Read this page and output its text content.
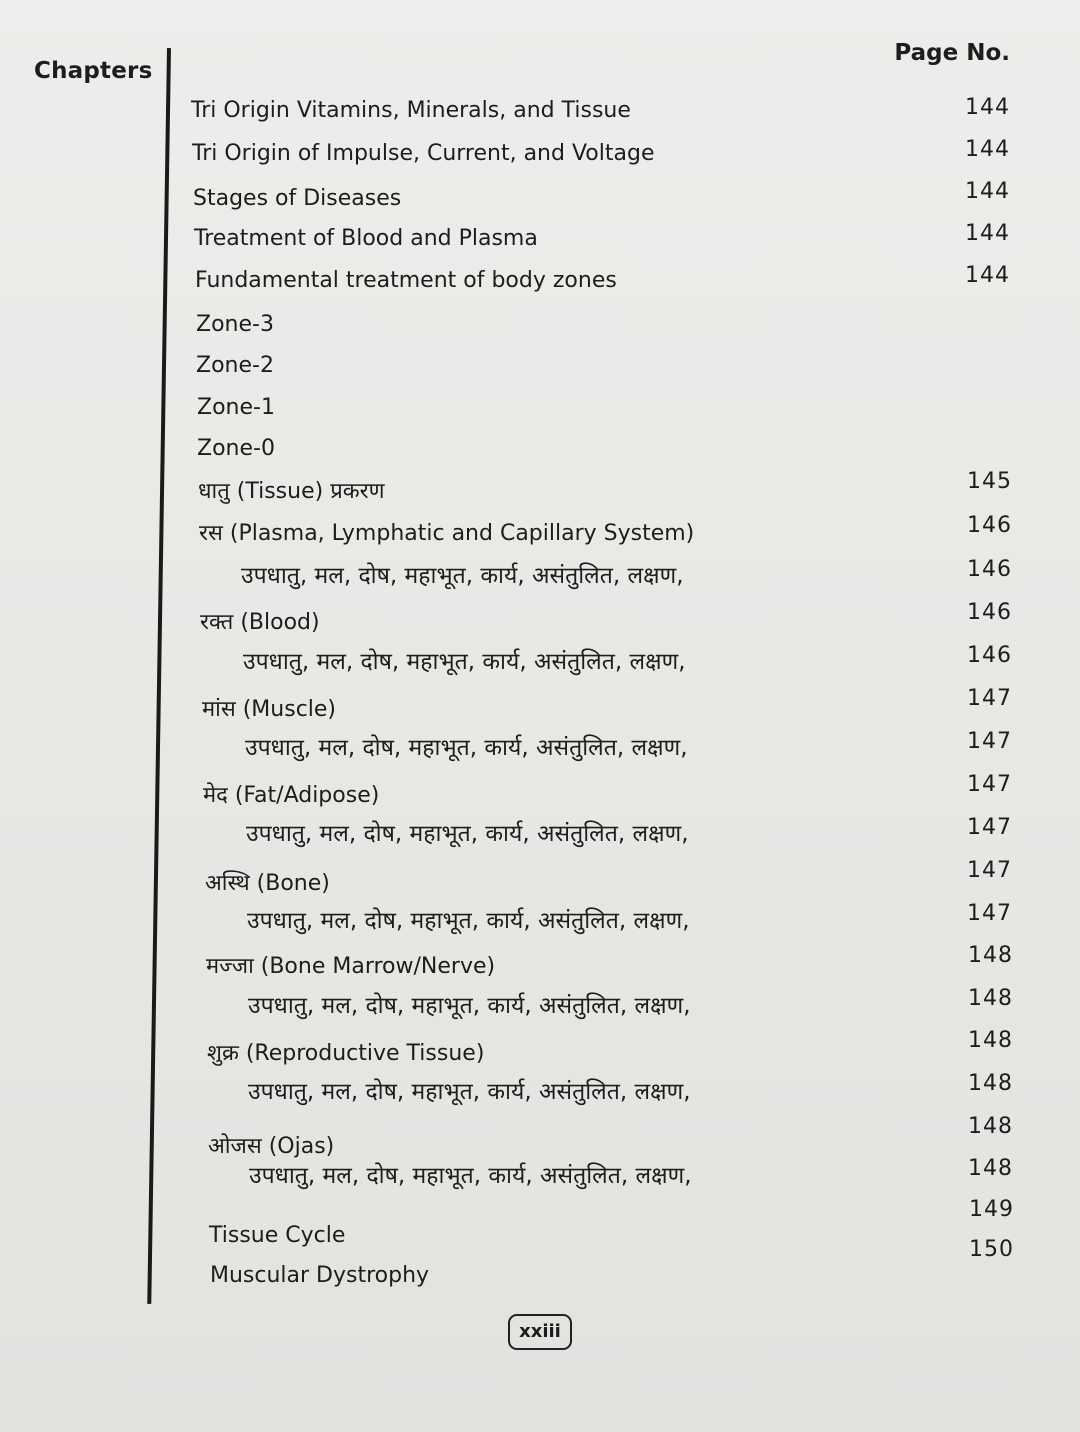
Chapters
Page No.
Tri Origin Vitamins, Minerals, and Tissue
Tri Origin of Impulse, Current, and Voltage
Stages of Diseases
Treatment of Blood and Plasma
Fundamental treatment of body zones
Zone-3
Zone-2
Zone-1
Zone-0
धातु (Tissue) प्रकरण
रस (Plasma, Lymphatic and Capillary System)
उपधातु, मल, दोष, महाभूत, कार्य, असंतुलित, लक्षण,
रक्त (Blood)
उपधातु, मल, दोष, महाभूत, कार्य, असंतुलित, लक्षण,
मांस (Muscle)
उपधातु, मल, दोष, महाभूत, कार्य, असंतुलित, लक्षण,
मेद (Fat/Adipose)
उपधातु, मल, दोष, महाभूत, कार्य, असंतुलित, लक्षण,
अस्थि (Bone)
उपधातु, मल, दोष, महाभूत, कार्य, असंतुलित, लक्षण,
मज्जा (Bone Marrow/Nerve)
उपधातु, मल, दोष, महाभूत, कार्य, असंतुलित, लक्षण,
शुक्र (Reproductive Tissue)
उपधातु, मल, दोष, महाभूत, कार्य, असंतुलित, लक्षण,
ओजस (Ojas)
उपधातु, मल, दोष, महाभूत, कार्य, असंतुलित, लक्षण,
Tissue Cycle
Muscular Dystrophy
144
144
144
144
144
145
146
146
146
146
147
147
147
147
147
147
148
148
148
148
148
148
149
150
xxiii
